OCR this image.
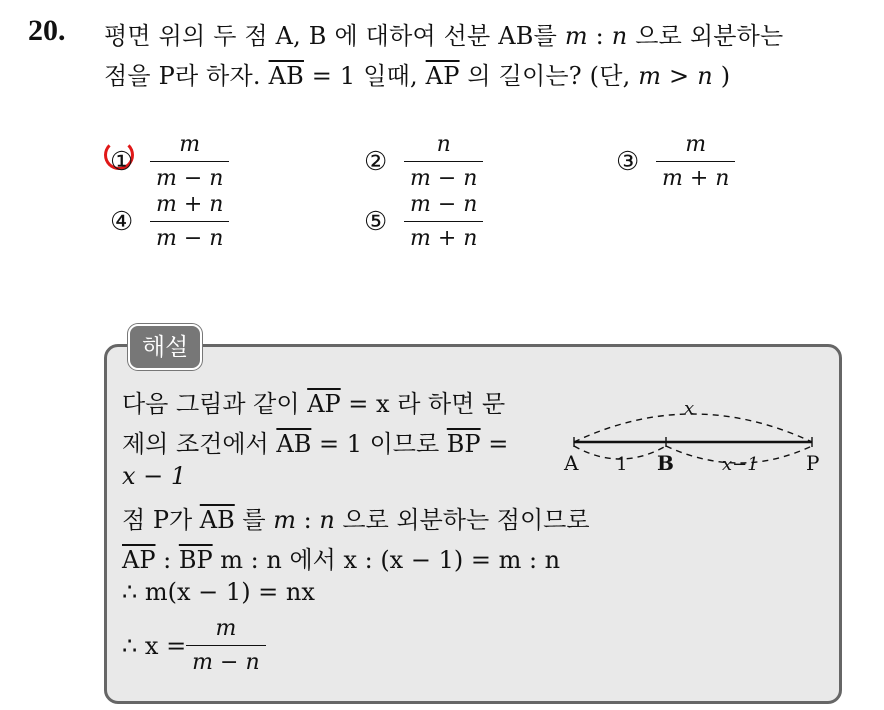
20. 평면 위의 두 점 A, B 에 대하여 선분 AB를 m : n 으로 외분하는
점을 P라 하자. $\overline{AB} = 1$ 일때, $\overline{AP}$ 의 길이는? (단, m > n )
① $\frac{m}{m - n}$	② $\frac{n}{m - n}$	③ $\frac{m}{m + n}$
④ $\frac{m + n}{m - n}$	⑤ $\frac{m - n}{m + n}$
해설
다음 그림과 같이 $\overline{AP} = x$ 라 하면 문
제의 조건에서 $\overline{AB} = 1$ 이므로 $\overline{BP}$ =
x − 1
점 P가 $\overline{AB}$ 를 m : n 으로 외분하는 점이므로
$\overline{AP}$ : $\overline{BP}$ m : n 에서 x : (x − 1) = m : n
∴ m(x − 1) = nx
∴ $x = \frac{m}{m - n}$
x
1	x−1
A	B	P
